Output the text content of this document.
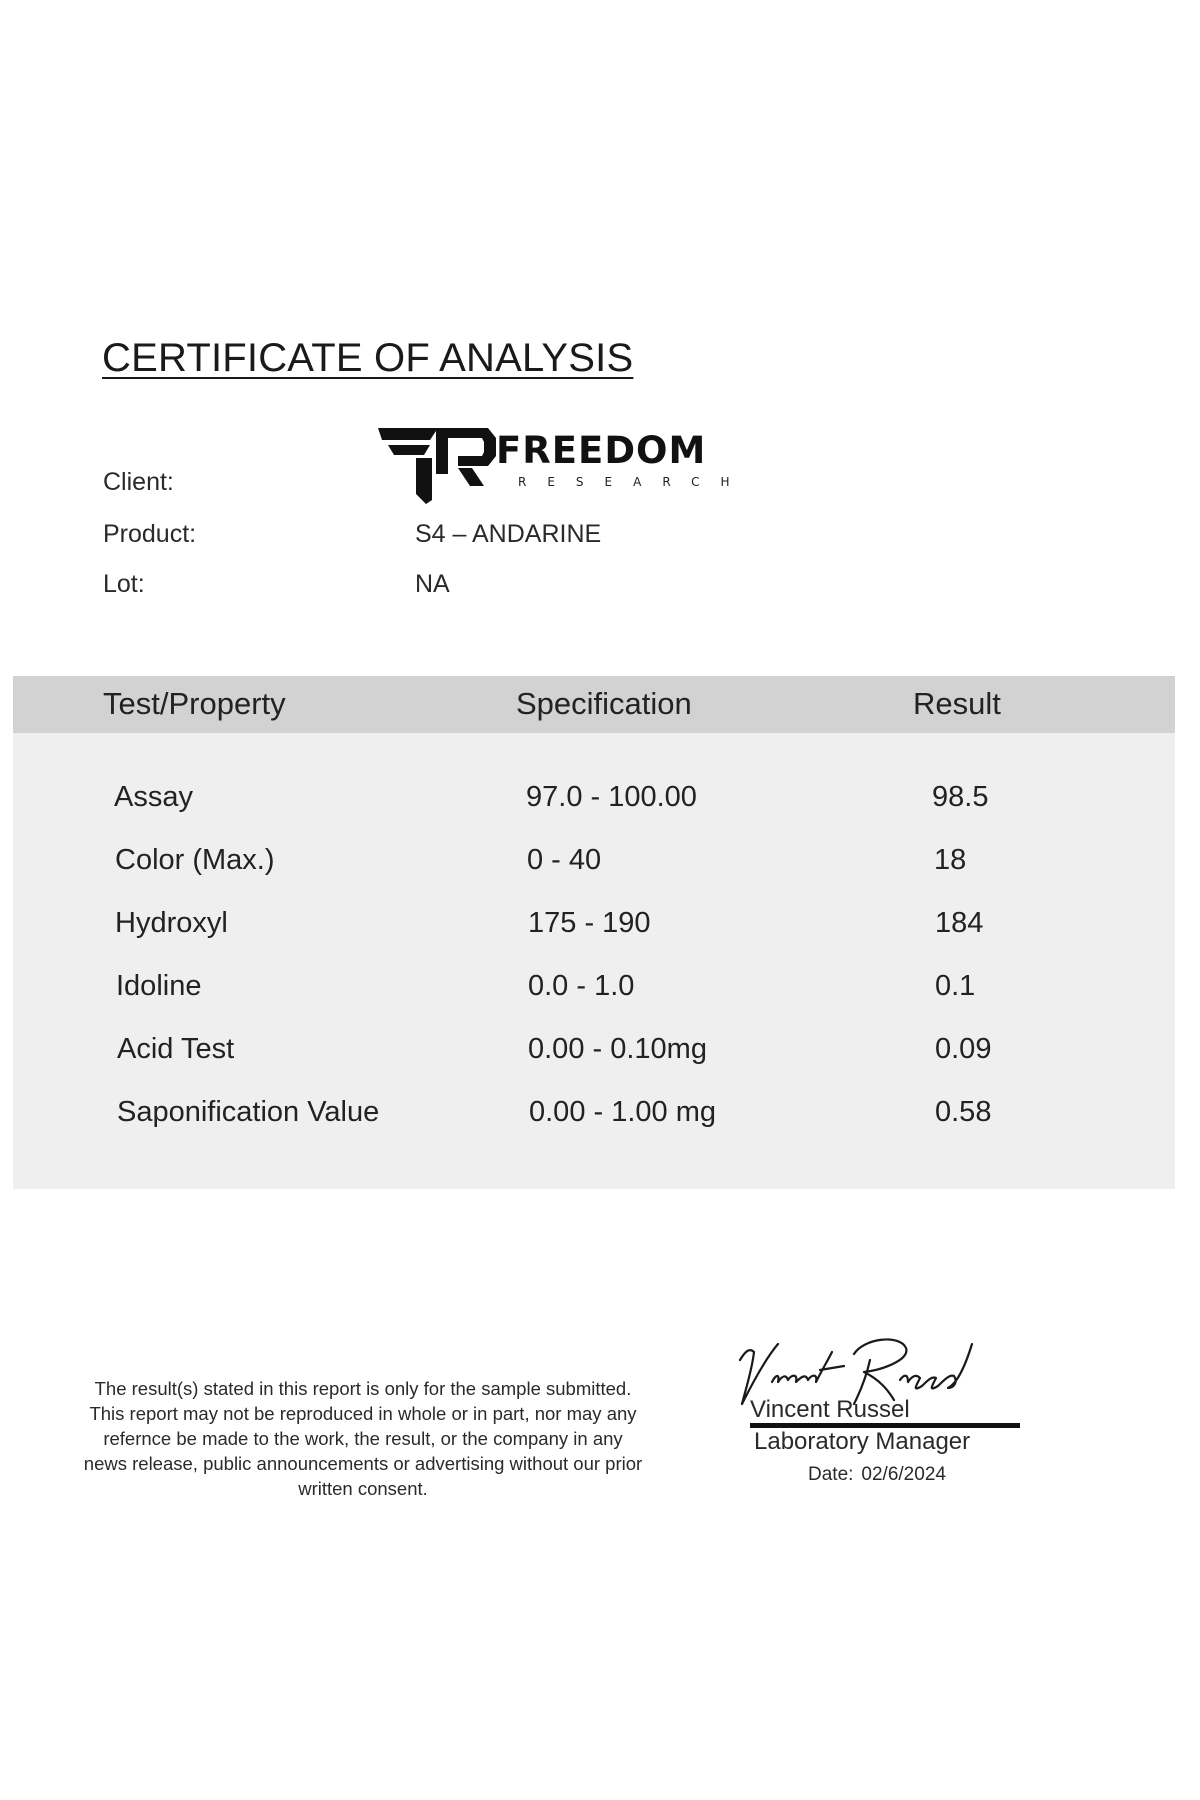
CERTIFICATE OF ANALYSIS
Client:
FREEDOM
RESEARCH
Product:	S4 – ANDARINE
Lot:	NA
Test/Property	Specification	Result
Assay	97.0 - 100.00	98.5
Color (Max.)	0 - 40	18
Hydroxyl	175 - 190	184
Idoline	0.0 - 1.0	0.1
Acid Test	0.00 - 0.10mg	0.09
Saponification Value	0.00 - 1.00 mg	0.58
The result(s) stated in this report is only for the sample submitted. This report may not be reproduced in whole or in part, nor may any refernce be made to the work, the result, or the company in any news release, public announcements or advertising without our prior written consent.
Vincent Russel
Laboratory Manager
Date: 02/6/2024
